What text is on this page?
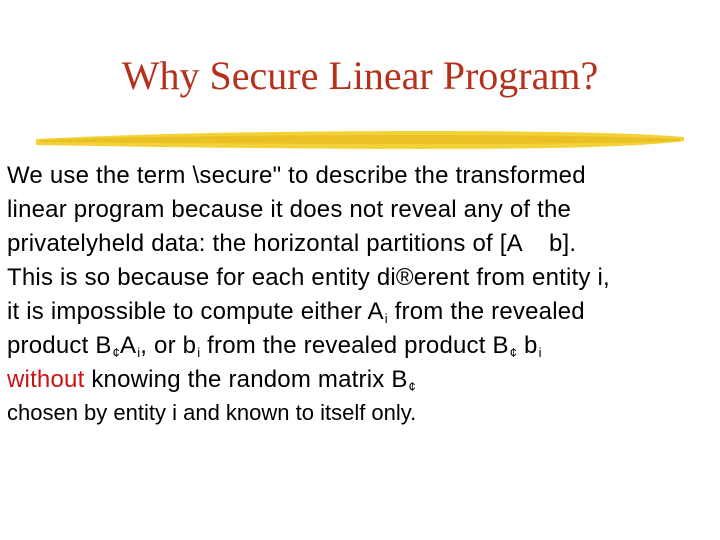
Why Secure Linear Program?
We use the term \secure" to describe the transformed
linear program because it does not reveal any of the
privatelyheld data: the horizontal partitions of [A    b].
This is so because for each entity di®erent from entity i,
it is impossible to compute either $A_i$ from the revealed
product $B_¢A_i$, or $b_i$ from the revealed product $B_¢$ $b_i$
without knowing the random matrix $B_¢$
chosen by entity i and known to itself only.
